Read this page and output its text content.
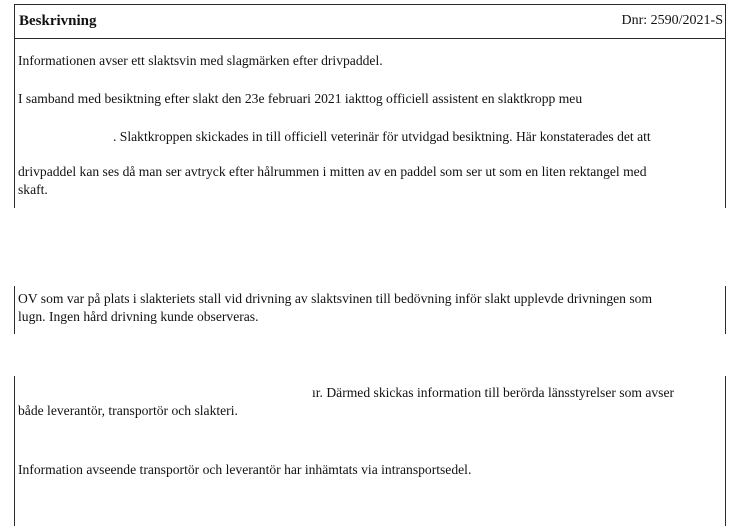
Beskrivning	Dnr: 2590/2021-S
Informationen avser ett slaktsvin med slagmärken efter drivpaddel.
I samband med besiktning efter slakt den 23e februari 2021 iakttog officiell assistent en slaktkropp meu
. Slaktkroppen skickades in till officiell veterinär för utvidgad besiktning. Här konstaterades det att
drivpaddel kan ses då man ser avtryck efter hålrummen i mitten av en paddel som ser ut som en liten rektangel med
skaft.
OV som var på plats i slakteriets stall vid drivning av slaktsvinen till bedövning inför slakt upplevde drivningen som
lugn. Ingen hård drivning kunde observeras.
ır. Därmed skickas information till berörda länsstyrelser som avser
både leverantör, transportör och slakteri.
Information avseende transportör och leverantör har inhämtats via intransportsedel.
